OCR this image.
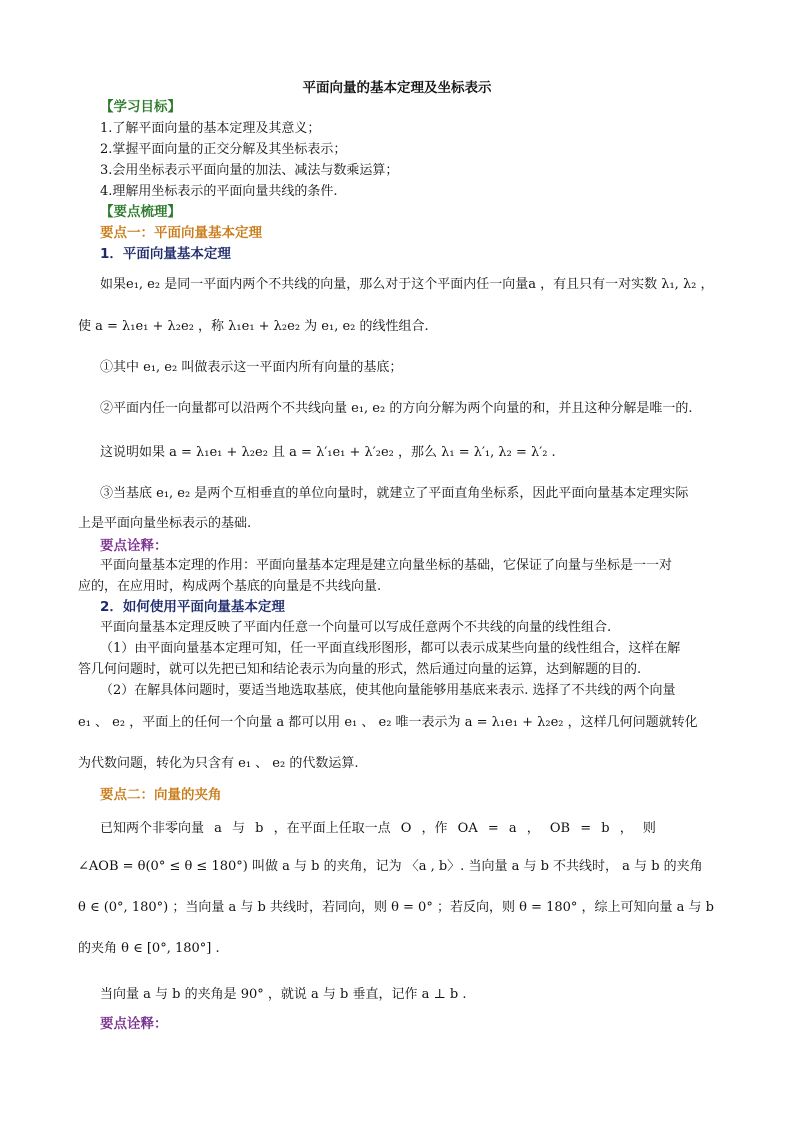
平面向量的基本定理及坐标表示
【学习目标】
1.了解平面向量的基本定理及其意义；
2.掌握平面向量的正交分解及其坐标表示；
3.会用坐标表示平面向量的加法、减法与数乘运算；
4.理解用坐标表示的平面向量共线的条件.
【要点梳理】
要点一：平面向量基本定理
1．平面向量基本定理
如果e₁, e₂ 是同一平面内两个不共线的向量，那么对于这个平面内任一向量a ，有且只有一对实数 λ₁, λ₂ ，
使 a = λ₁e₁ + λ₂e₂ ，称 λ₁e₁ + λ₂e₂ 为 e₁, e₂ 的线性组合.
①其中 e₁, e₂ 叫做表示这一平面内所有向量的基底；
②平面内任一向量都可以沿两个不共线向量 e₁, e₂ 的方向分解为两个向量的和，并且这种分解是唯一的.
这说明如果 a = λ₁e₁ + λ₂e₂ 且 a = λ′₁e₁ + λ′₂e₂ ，那么 λ₁ = λ′₁, λ₂ = λ′₂ .
③当基底 e₁, e₂ 是两个互相垂直的单位向量时，就建立了平面直角坐标系，因此平面向量基本定理实际
上是平面向量坐标表示的基础.
要点诠释：
平面向量基本定理的作用：平面向量基本定理是建立向量坐标的基础，它保证了向量与坐标是一一对
应的，在应用时，构成两个基底的向量是不共线向量.
2．如何使用平面向量基本定理
平面向量基本定理反映了平面内任意一个向量可以写成任意两个不共线的向量的线性组合.
（1）由平面向量基本定理可知，任一平面直线形图形，都可以表示成某些向量的线性组合，这样在解
答几何问题时，就可以先把已知和结论表示为向量的形式，然后通过向量的运算，达到解题的目的.
（2）在解具体问题时，要适当地选取基底，使其他向量能够用基底来表示. 选择了不共线的两个向量
e₁ 、 e₂ ，平面上的任何一个向量 a 都可以用 e₁ 、 e₂ 唯一表示为 a = λ₁e₁ + λ₂e₂ ，这样几何问题就转化
为代数问题，转化为只含有 e₁ 、 e₂ 的代数运算.
要点二：向量的夹角
已知两个非零向量 a 与 b ，在平面上任取一点 O ，作 OA = a ， OB = b ， 则
∠AOB = θ(0° ≤ θ ≤ 180°) 叫做 a 与 b 的夹角，记为 〈a , b〉. 当向量 a 与 b 不共线时， a 与 b 的夹角
θ ∈ (0°, 180°) ；当向量 a 与 b 共线时，若同向，则 θ = 0° ；若反向，则 θ = 180° ，综上可知向量 a 与 b
的夹角 θ ∈ [0°, 180°] .
当向量 a 与 b 的夹角是 90° ，就说 a 与 b 垂直，记作 a ⊥ b .
要点诠释：
